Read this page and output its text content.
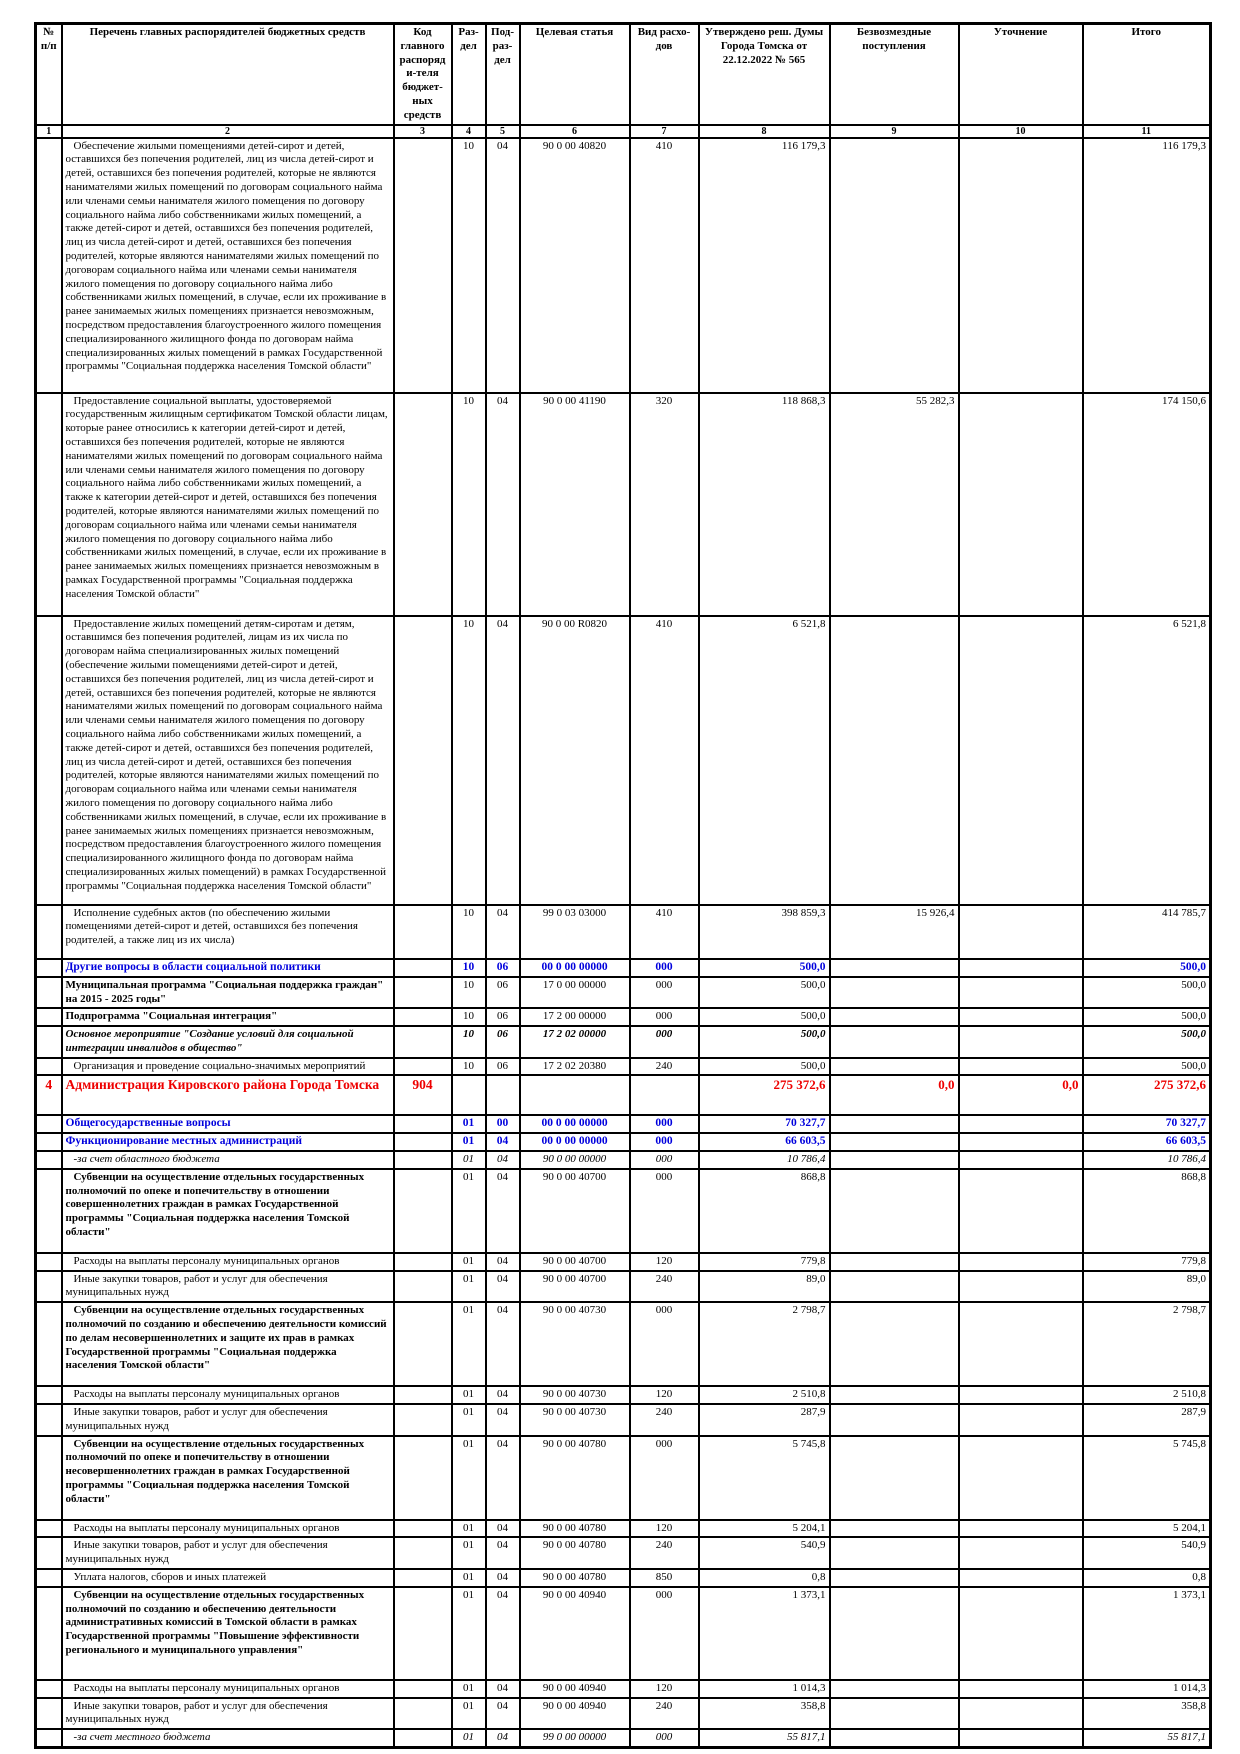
№ п/п	Перечень главных распорядителей бюджетных средств	Код главного распоряди-теля бюджет-ных средств	Раз-дел	Под-раз-дел	Целевая статья	Вид расхо-дов	Утверждено реш. Думы Города Томска от 22.12.2022 № 565	Безвозмездные поступления	Уточнение	Итого
1	2	3	4	5	6	7	8	9	10	11
	Обеспечение жилыми помещениями детей-сирот и детей, оставшихся без попечения родителей, лиц из числа детей-сирот и детей, оставшихся без попечения родителей, которые не являются нанимателями жилых помещений по договорам социального найма или членами семьи нанимателя жилого помещения по договору социального найма либо собственниками жилых помещений, а также детей-сирот и детей, оставшихся без попечения родителей, лиц из числа детей-сирот и детей, оставшихся без попечения родителей, которые являются нанимателями жилых помещений по договорам социального найма или членами семьи нанимателя жилого помещения по договору социального найма либо собственниками жилых помещений, в случае, если их проживание в ранее занимаемых жилых помещениях признается невозможным, посредством предоставления благоустроенного жилого помещения специализированного жилищного фонда по договорам найма специализированных жилых помещений в рамках Государственной программы "Социальная поддержка населения Томской области"		10	04	90 0 00 40820	410	116 179,3			116 179,3
	Предоставление социальной выплаты, удостоверяемой государственным жилищным сертификатом Томской области лицам, которые ранее относились к категории детей-сирот и детей, оставшихся без попечения родителей, которые не являются нанимателями жилых помещений по договорам социального найма или членами семьи нанимателя жилого помещения по договору социального найма либо собственниками жилых помещений, а также к категории детей-сирот и детей, оставшихся без попечения родителей, которые являются нанимателями жилых помещений по договорам социального найма или членами семьи нанимателя жилого помещения по договору социального найма либо собственниками жилых помещений, в случае, если их проживание в ранее занимаемых жилых помещениях признается невозможным в рамках Государственной программы "Социальная поддержка населения Томской области"		10	04	90 0 00 41190	320	118 868,3	55 282,3		174 150,6
	Предоставление жилых помещений детям-сиротам и детям, оставшимся без попечения родителей, лицам из их числа по договорам найма специализированных жилых помещений (обеспечение жилыми помещениями детей-сирот и детей, оставшихся без попечения родителей, лиц из числа детей-сирот и детей, оставшихся без попечения родителей, которые не являются нанимателями жилых помещений по договорам социального найма или членами семьи нанимателя жилого помещения по договору социального найма либо собственниками жилых помещений, а также детей-сирот и детей, оставшихся без попечения родителей, лиц из числа детей-сирот и детей, оставшихся без попечения родителей, которые являются нанимателями жилых помещений по договорам социального найма или членами семьи нанимателя жилого помещения по договору социального найма либо собственниками жилых помещений, в случае, если их проживание в ранее занимаемых жилых помещениях признается невозможным, посредством предоставления благоустроенного жилого помещения специализированного жилищного фонда по договорам найма специализированных жилых помещений) в рамках Государственной программы "Социальная поддержка населения Томской области"		10	04	90 0 00 R0820	410	6 521,8			6 521,8
	Исполнение судебных актов (по обеспечению жилыми помещениями детей-сирот и детей, оставшихся без попечения родителей, а также лиц из их числа)		10	04	99 0 03 03000	410	398 859,3	15 926,4		414 785,7
	Другие вопросы в области социальной политики		10	06	00 0 00 00000	000	500,0			500,0
	Муниципальная программа "Социальная поддержка граждан" на 2015 - 2025 годы"		10	06	17 0 00 00000	000	500,0			500,0
	Подпрограмма "Социальная интеграция"		10	06	17 2 00 00000	000	500,0			500,0
	Основное мероприятие "Создание условий для социальной интеграции инвалидов в общество"		10	06	17 2 02 00000	000	500,0			500,0
	Организация и проведение социально-значимых мероприятий		10	06	17 2 02 20380	240	500,0			500,0
4	Администрация Кировского района Города Томска	904					275 372,6	0,0	0,0	275 372,6
	Общегосударственные вопросы		01	00	00 0 00 00000	000	70 327,7			70 327,7
	Функционирование местных администраций		01	04	00 0 00 00000	000	66 603,5			66 603,5
	-за счет областного бюджета		01	04	90 0 00 00000	000	10 786,4			10 786,4
	Субвенции на осуществление отдельных государственных полномочий по опеке и попечительству в отношении совершеннолетних граждан в рамках Государственной программы "Социальная поддержка населения Томской области"		01	04	90 0 00 40700	000	868,8			868,8
	Расходы на выплаты персоналу муниципальных органов		01	04	90 0 00 40700	120	779,8			779,8
	Иные закупки товаров, работ и услуг для обеспечения муниципальных нужд		01	04	90 0 00 40700	240	89,0			89,0
	Субвенции на осуществление отдельных государственных полномочий по созданию и обеспечению деятельности комиссий по делам несовершеннолетних и защите их прав в рамках Государственной программы "Социальная поддержка населения Томской области"		01	04	90 0 00 40730	000	2 798,7			2 798,7
	Расходы на выплаты персоналу муниципальных органов		01	04	90 0 00 40730	120	2 510,8			2 510,8
	Иные закупки товаров, работ и услуг для обеспечения муниципальных нужд		01	04	90 0 00 40730	240	287,9			287,9
	Субвенции на осуществление отдельных государственных полномочий по опеке и попечительству в отношении несовершеннолетних граждан в рамках Государственной программы "Социальная поддержка населения Томской области"		01	04	90 0 00 40780	000	5 745,8			5 745,8
	Расходы на выплаты персоналу муниципальных органов		01	04	90 0 00 40780	120	5 204,1			5 204,1
	Иные закупки товаров, работ и услуг для обеспечения муниципальных нужд		01	04	90 0 00 40780	240	540,9			540,9
	Уплата налогов, сборов и иных платежей		01	04	90 0 00 40780	850	0,8			0,8
	Субвенции на осуществление отдельных государственных полномочий по созданию и обеспечению деятельности административных комиссий в Томской области в рамках Государственной программы "Повышение эффективности регионального и муниципального управления"		01	04	90 0 00 40940	000	1 373,1			1 373,1
	Расходы на выплаты персоналу муниципальных органов		01	04	90 0 00 40940	120	1 014,3			1 014,3
	Иные закупки товаров, работ и услуг для обеспечения муниципальных нужд		01	04	90 0 00 40940	240	358,8			358,8
	-за счет местного бюджета		01	04	99 0 00 00000	000	55 817,1			55 817,1
